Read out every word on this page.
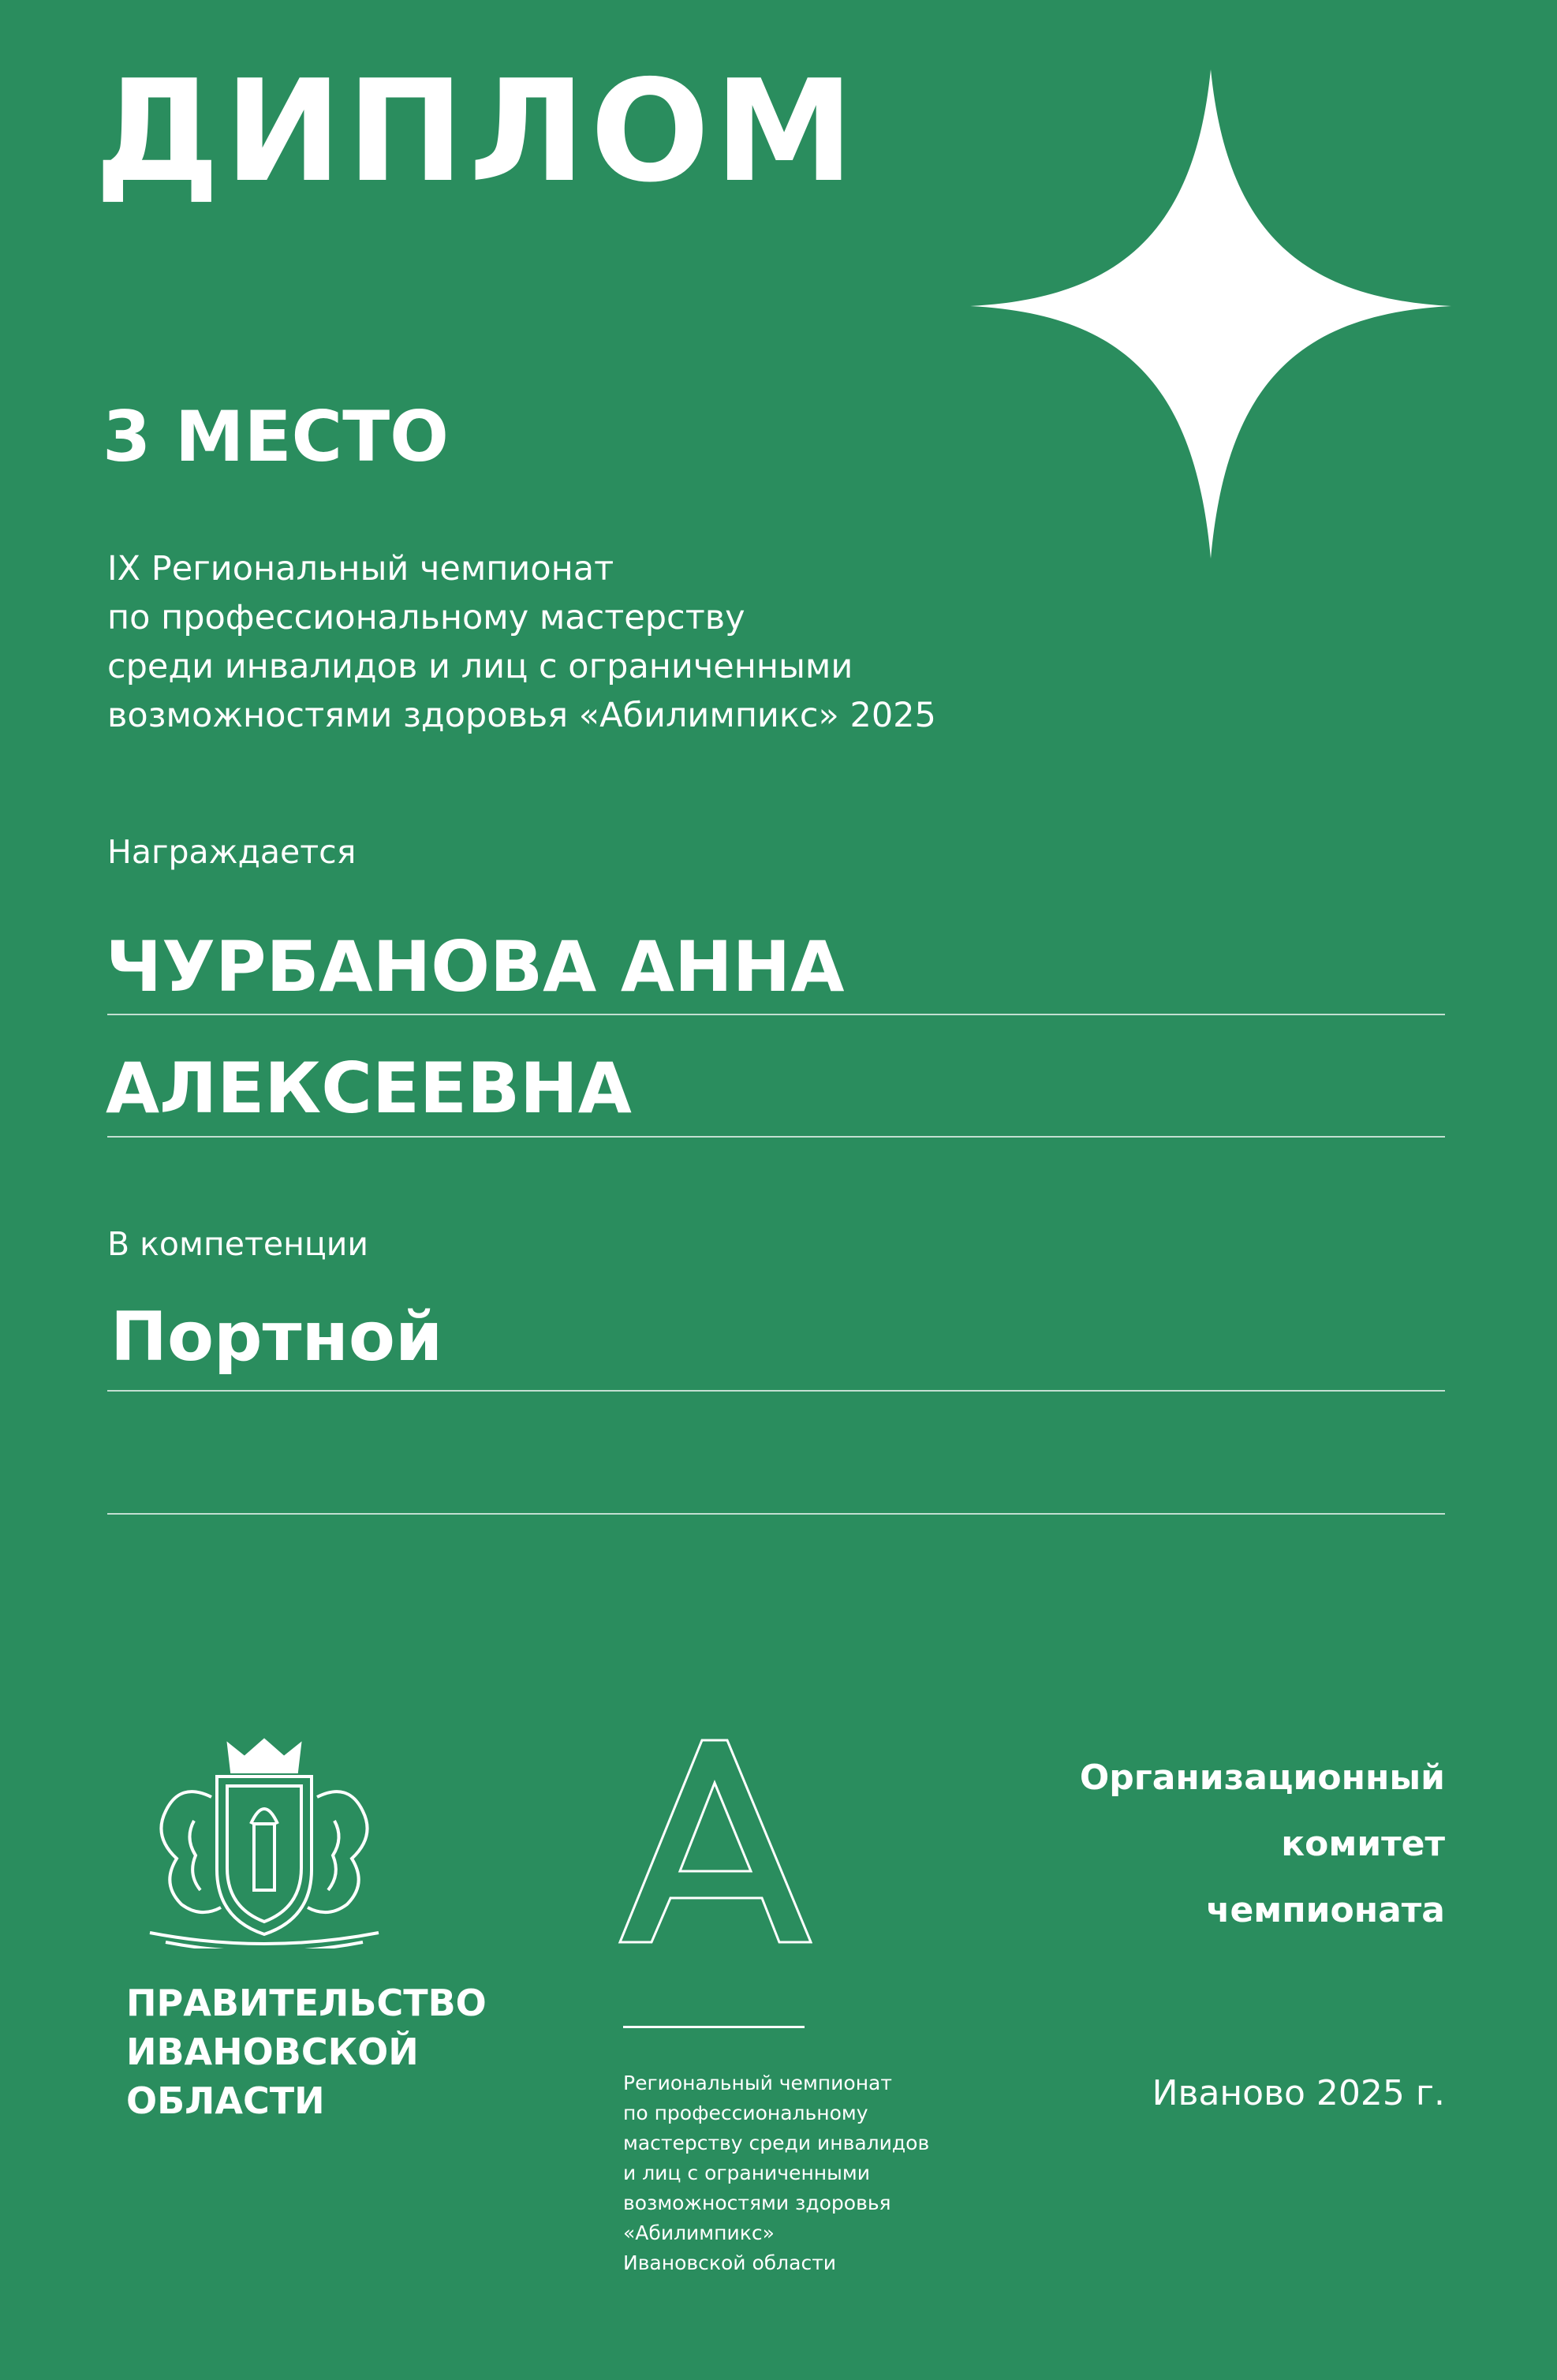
ДИПЛОМ
3 МЕСТО
IX Региональный чемпионат
по профессиональному мастерству
среди инвалидов и лиц с ограниченными
возможностями здоровья «Абилимпикс» 2025
Награждается
ЧУРБАНОВА АННА
АЛЕКСЕЕВНА
В компетенции
Портной
ПРАВИТЕЛЬСТВО
ИВАНОВСКОЙ
ОБЛАСТИ	Региональный чемпионат
по профессиональному
мастерству среди инвалидов
и лиц с ограниченными
возможностями здоровья
«Абилимпикс»
Ивановской области
Организационный
комитет
чемпионата
Иваново 2025 г.
